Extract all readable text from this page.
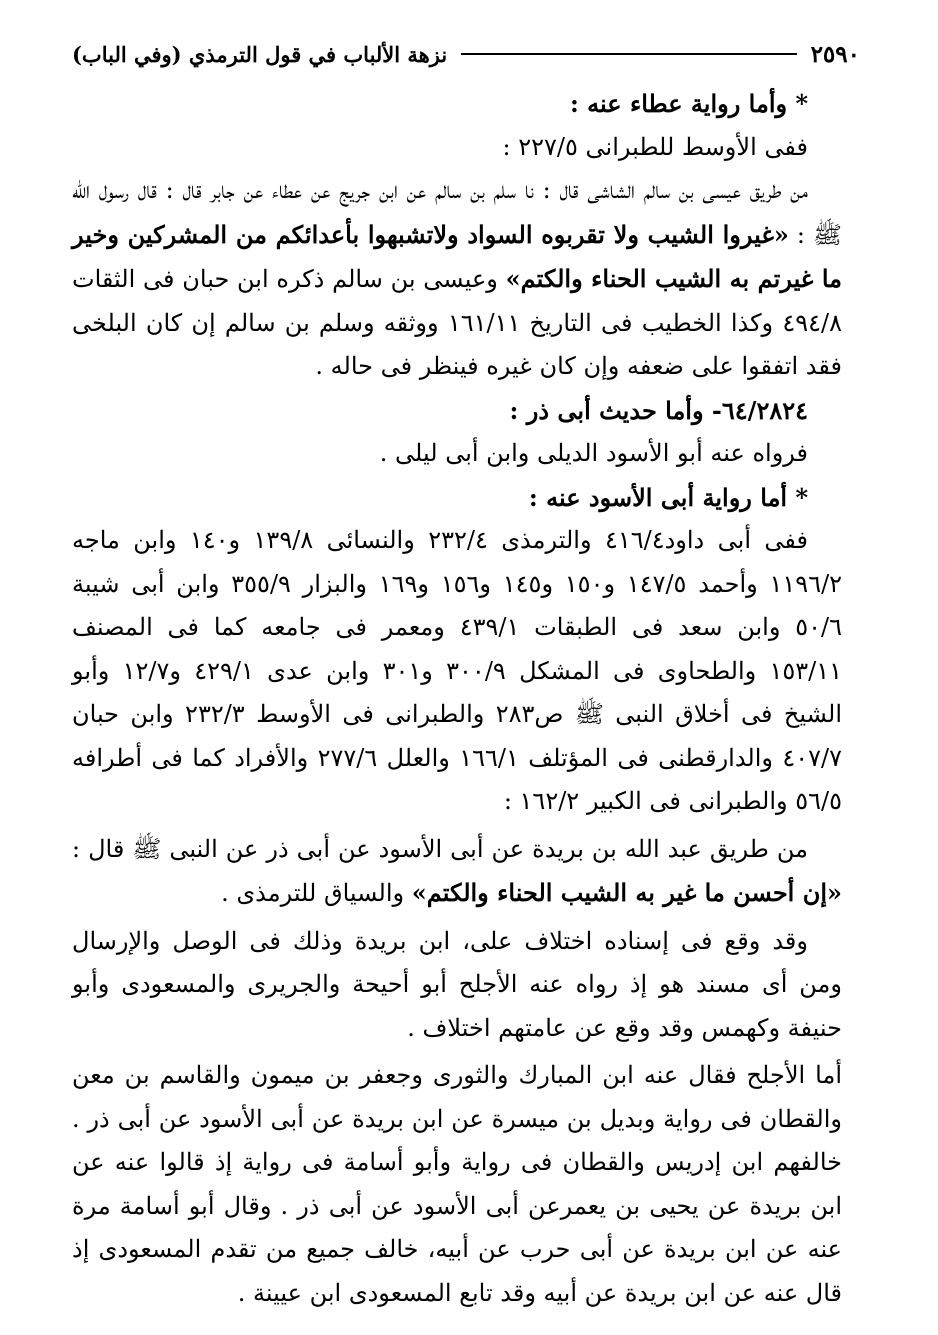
نزهة الألباب في قول الترمذي (وفي الباب)	٢٥٩٠

* وأما رواية عطاء عنه :

ففى الأوسط للطبرانى ٢٢٧/٥ :

من طريق عيسى بن سالم الشاشى قال : نا سلم بن سالم عن ابن جريج عن عطاء عن جابر قال : قال رسول الله ﷺ : «غيروا الشيب ولا تقربوه السواد ولاتشبهوا بأعدائكم من المشركين وخير ما غيرتم به الشيب الحناء والكتم» وعيسى بن سالم ذكره ابن حبان فى الثقات ٤٩٤/٨ وكذا الخطيب فى التاريخ ١٦١/١١ ووثقه وسلم بن سالم إن كان البلخى فقد اتفقوا على ضعفه وإن كان غيره فينظر فى حاله .

٦٤/٢٨٢٤- وأما حديث أبى ذر :

فرواه عنه أبو الأسود الديلى وابن أبى ليلى .

* أما رواية أبى الأسود عنه :

ففى أبى داود٤١٦/٤ والترمذى ٢٣٢/٤ والنسائى ١٣٩/٨ و١٤٠ وابن ماجه ١١٩٦/٢ وأحمد ١٤٧/٥ و١٥٠ و١٤٥ و١٥٦ و١٦٩ والبزار ٣٥٥/٩ وابن أبى شيبة ٥٠/٦ وابن سعد فى الطبقات ٤٣٩/١ ومعمر فى جامعه كما فى المصنف ١٥٣/١١ والطحاوى فى المشكل ٣٠٠/٩ و٣٠١ وابن عدى ٤٢٩/١ و١٢/٧ وأبو الشيخ فى أخلاق النبى ﷺ ص٢٨٣ والطبرانى فى الأوسط ٢٣٢/٣ وابن حبان ٤٠٧/٧ والدارقطنى فى المؤتلف ١٦٦/١ والعلل ٢٧٧/٦ والأفراد كما فى أطرافه ٥٦/٥ والطبرانى فى الكبير ١٦٢/٢ :

من طريق عبد الله بن بريدة عن أبى الأسود عن أبى ذر عن النبى ﷺ قال : «إن أحسن ما غير به الشيب الحناء والكتم» والسياق للترمذى .

وقد وقع فى إسناده اختلاف على، ابن بريدة وذلك فى الوصل والإرسال ومن أى مسند هو إذ رواه عنه الأجلح أبو أحيحة والجريرى والمسعودى وأبو حنيفة وكهمس وقد وقع عن عامتهم اختلاف .

أما الأجلح فقال عنه ابن المبارك والثورى وجعفر بن ميمون والقاسم بن معن والقطان فى رواية وبديل بن ميسرة عن ابن بريدة عن أبى الأسود عن أبى ذر . خالفهم ابن إدريس والقطان فى رواية وأبو أسامة فى رواية إذ قالوا عنه عن ابن بريدة عن يحيى بن يعمرعن أبى الأسود عن أبى ذر . وقال أبو أسامة مرة عنه عن ابن بريدة عن أبى حرب عن أبيه، خالف جميع من تقدم المسعودى إذ قال عنه عن ابن بريدة عن أبيه وقد تابع المسعودى ابن عيينة .
